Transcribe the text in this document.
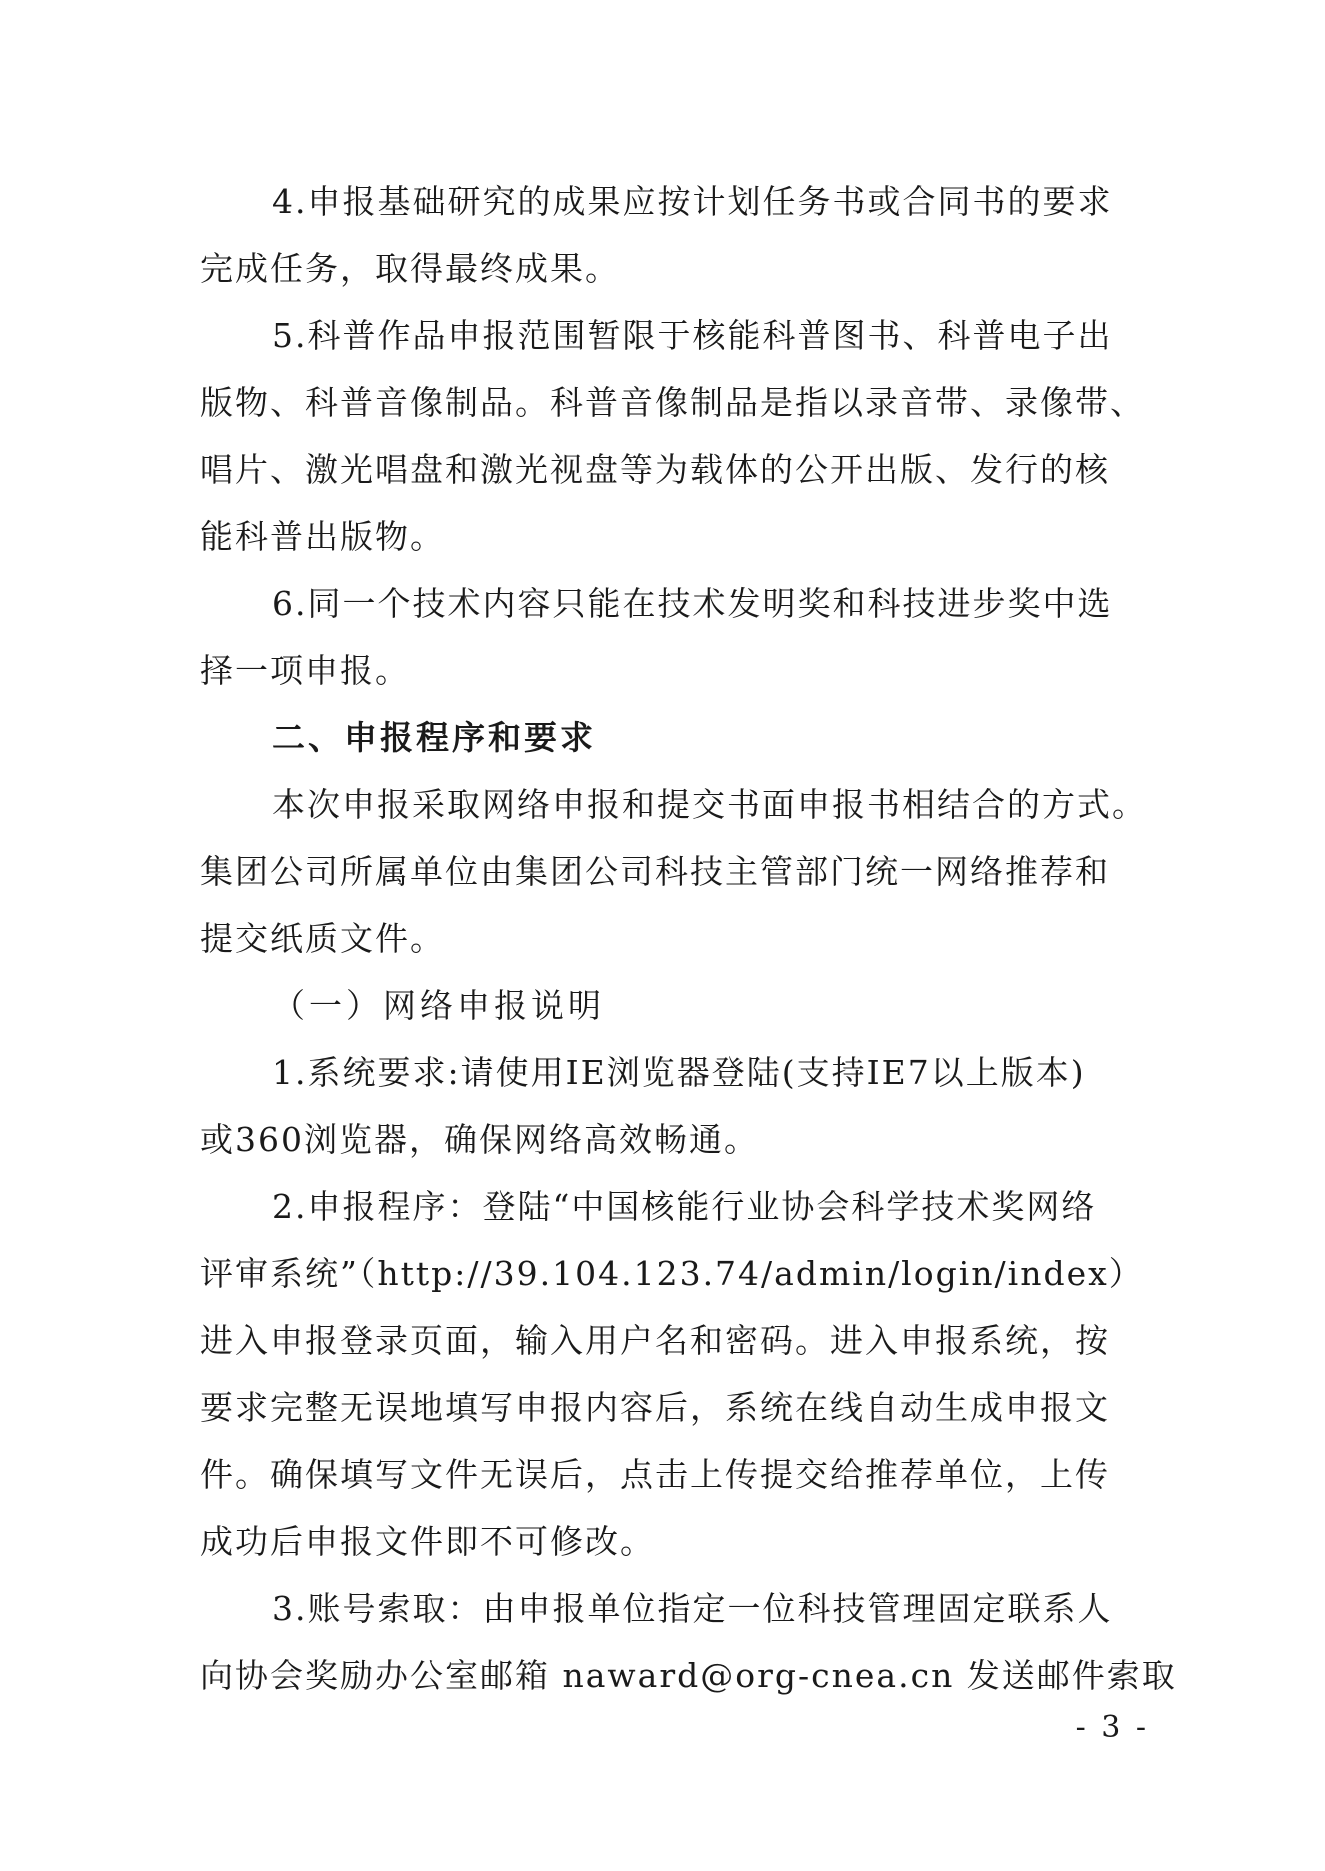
4.申报基础研究的成果应按计划任务书或合同书的要求
完成任务，取得最终成果。
5.科普作品申报范围暂限于核能科普图书、科普电子出
版物、科普音像制品。科普音像制品是指以录音带、录像带、
唱片、激光唱盘和激光视盘等为载体的公开出版、发行的核
能科普出版物。
6.同一个技术内容只能在技术发明奖和科技进步奖中选
择一项申报。
二、申报程序和要求
本次申报采取网络申报和提交书面申报书相结合的方式。
集团公司所属单位由集团公司科技主管部门统一网络推荐和
提交纸质文件。
（一）网络申报说明
1.系统要求:请使用IE浏览器登陆(支持IE7以上版本)
或360浏览器，确保网络高效畅通。
2.申报程序：登陆“中国核能行业协会科学技术奖网络
评审系统”（http://39.104.123.74/admin/login/index）
进入申报登录页面，输入用户名和密码。进入申报系统，按
要求完整无误地填写申报内容后，系统在线自动生成申报文
件。确保填写文件无误后，点击上传提交给推荐单位，上传
成功后申报文件即不可修改。
3.账号索取：由申报单位指定一位科技管理固定联系人
向协会奖励办公室邮箱 naward@org-cnea.cn 发送邮件索取
- 3 -
